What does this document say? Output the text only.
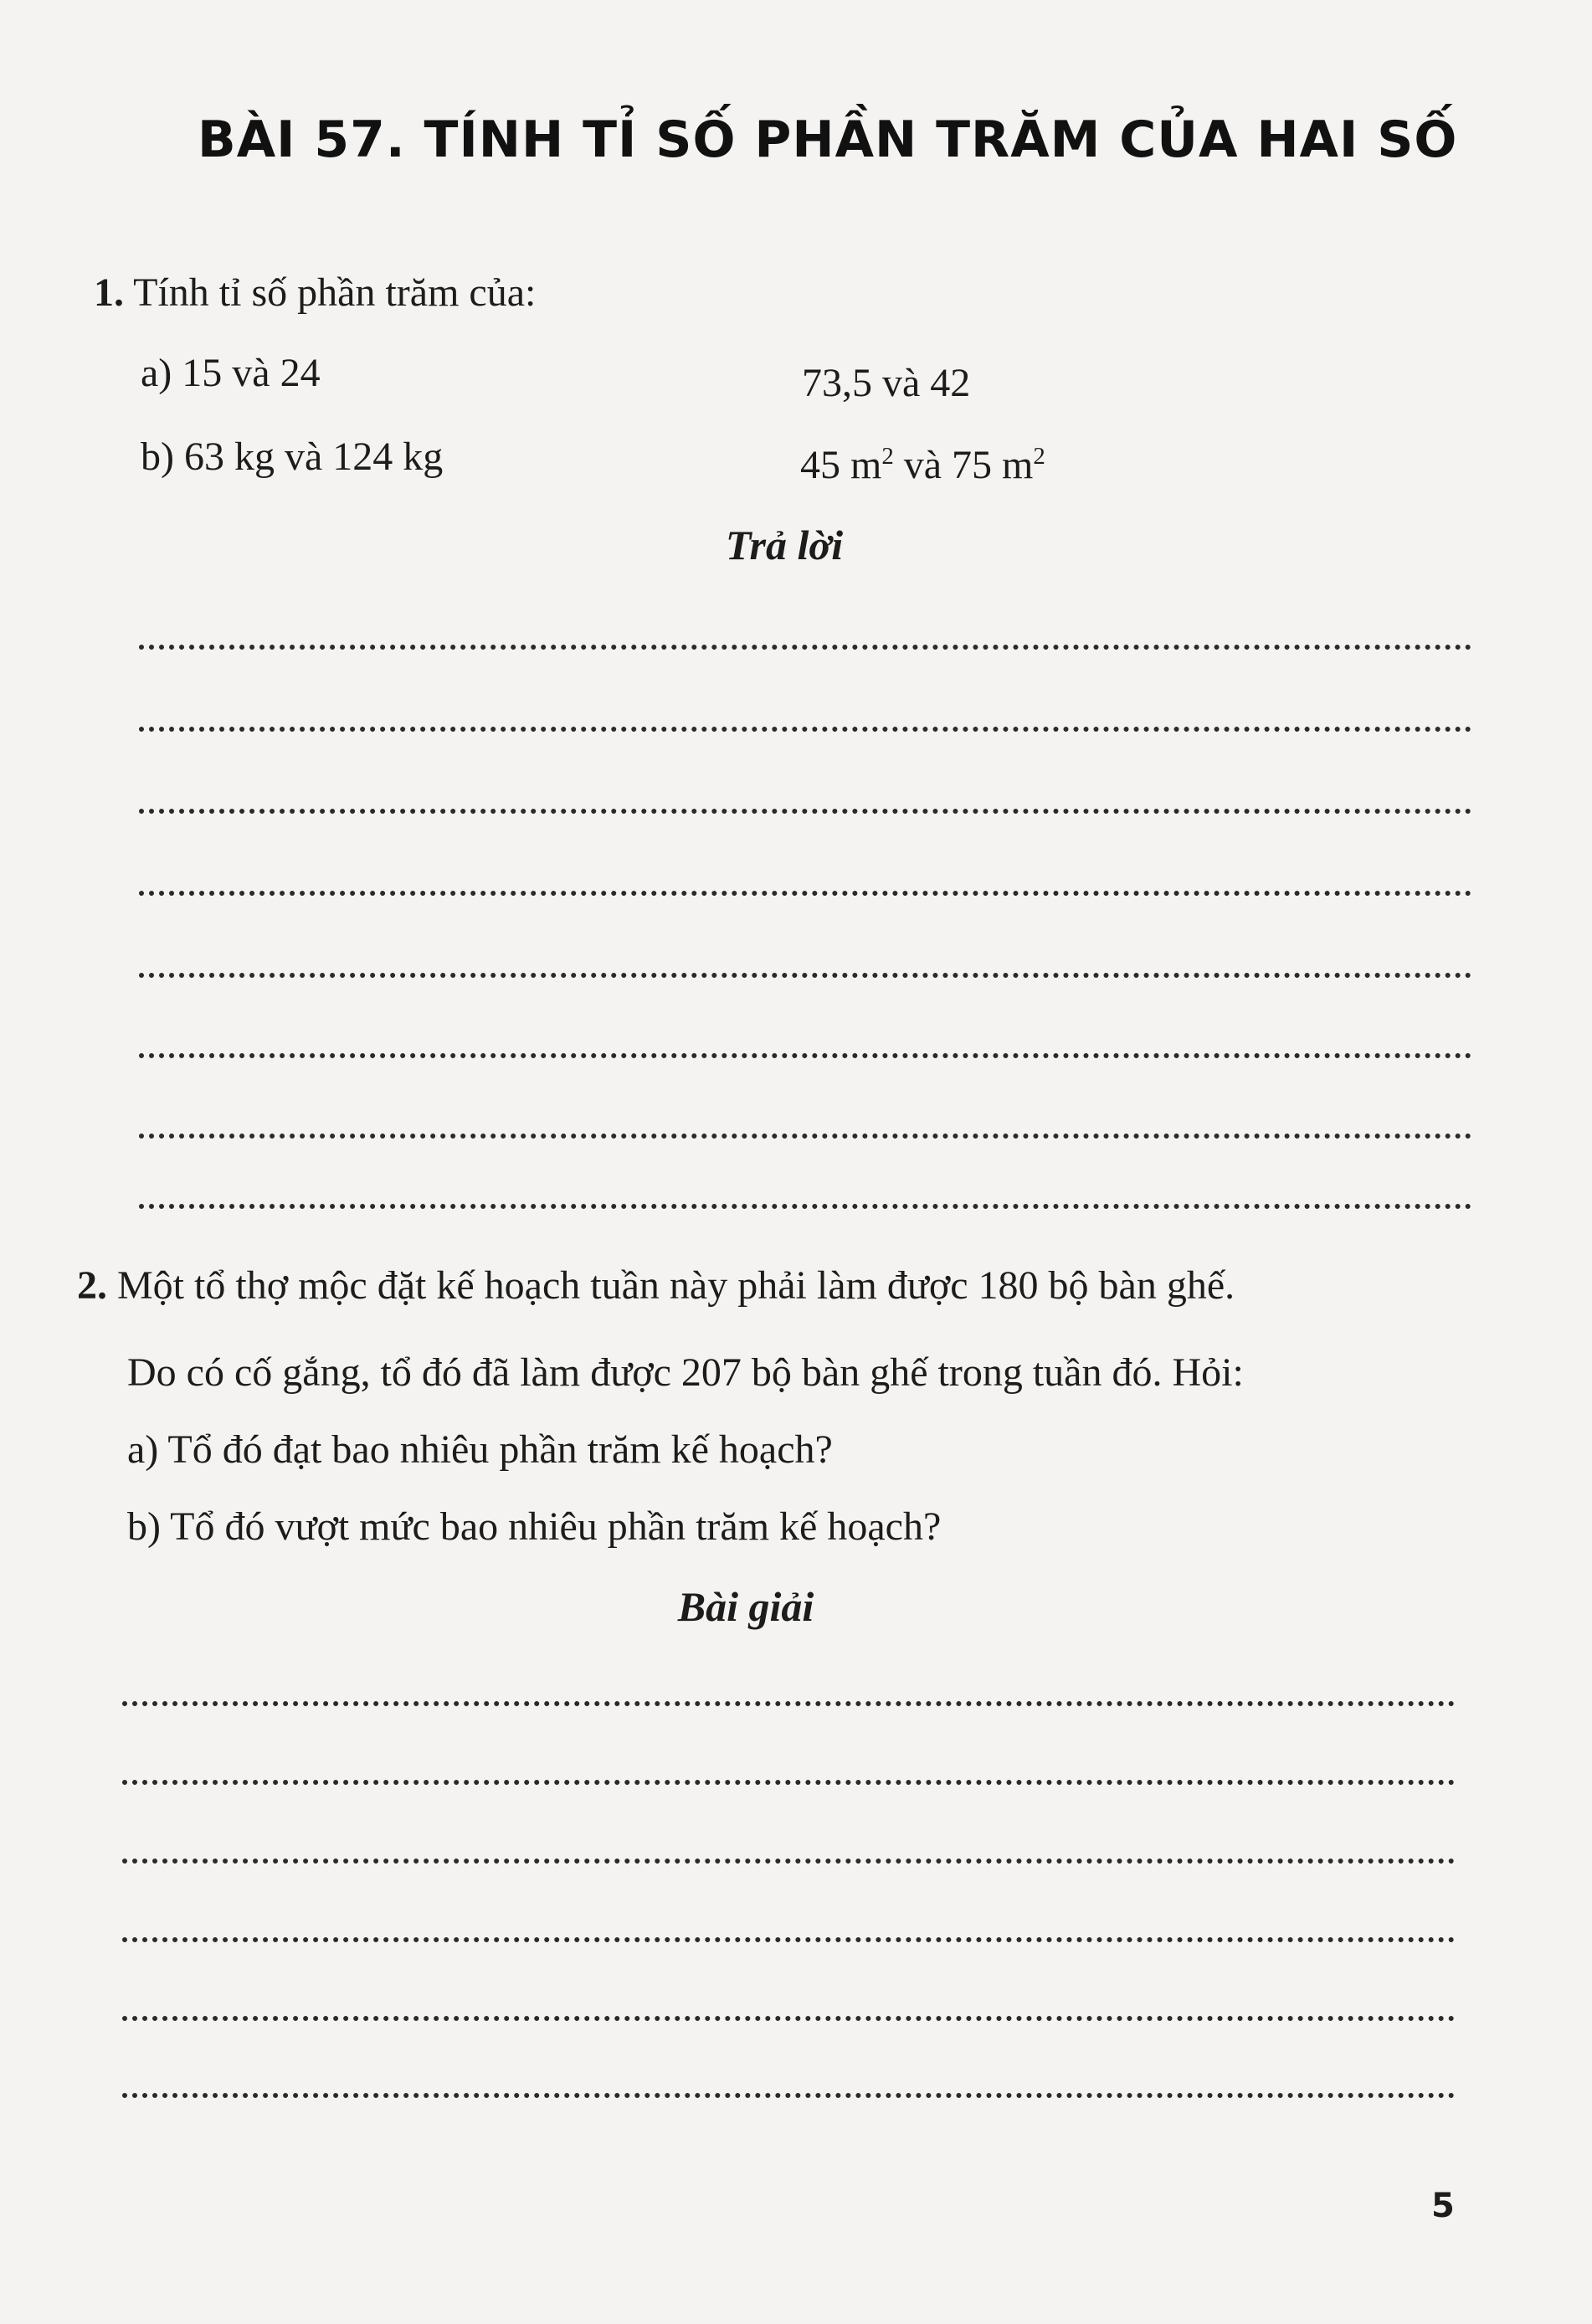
BÀI 57. TÍNH TỈ SỐ PHẦN TRĂM CỦA HAI SỐ
1. Tính tỉ số phần trăm của:
a) 15 và 24	73,5 và 42
b) 63 kg và 124 kg	45 $m^2$ và 75 $m^2$
Trả lời
2. Một tổ thợ mộc đặt kế hoạch tuần này phải làm được 180 bộ bàn ghế.
Do có cố gắng, tổ đó đã làm được 207 bộ bàn ghế trong tuần đó. Hỏi:
a) Tổ đó đạt bao nhiêu phần trăm kế hoạch?
b) Tổ đó vượt mức bao nhiêu phần trăm kế hoạch?
Bài giải
5
